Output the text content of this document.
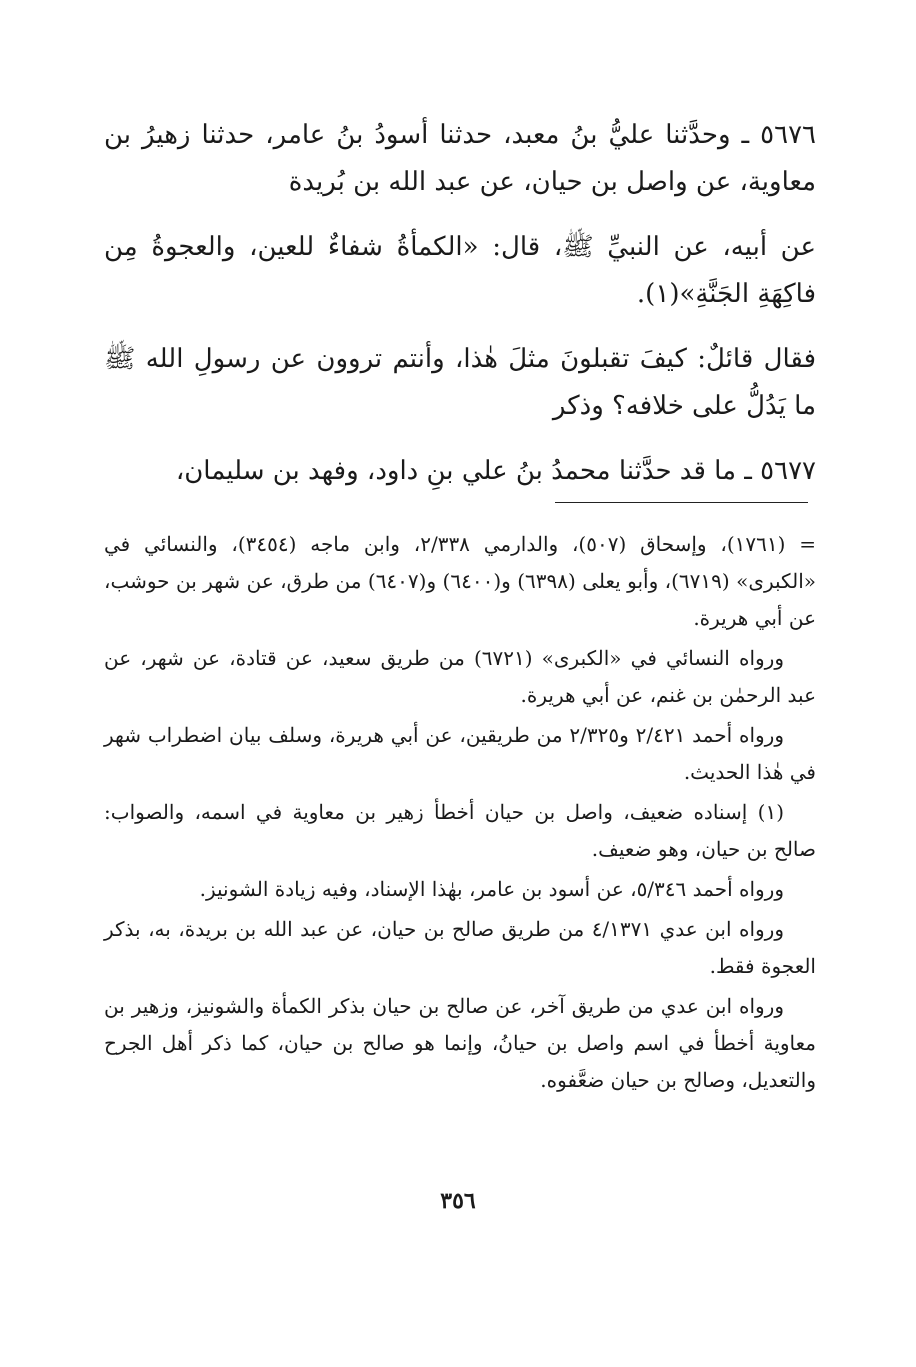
٥٦٧٦ ـ وحدَّثنا عليُّ بنُ معبد، حدثنا أسودُ بنُ عامر، حدثنا زهيرُ بن معاوية، عن واصل بن حيان، عن عبد الله بن بُريدة

عن أبيه، عن النبيِّ ﷺ، قال: «الكمأةُ شفاءٌ للعين، والعجوةُ مِن فاكِهَةِ الجَنَّةِ»(١).

فقال قائلٌ: كيفَ تقبلونَ مثلَ هٰذا، وأنتم تروون عن رسولِ الله ﷺ ما يَدُلُّ على خلافه؟ وذكر

٥٦٧٧ ـ ما قد حدَّثنا محمدُ بنُ علي بنِ داود، وفهد بن سليمان،

= (١٧٦١)، وإسحاق (٥٠٧)، والدارمي ٢/٣٣٨، وابن ماجه (٣٤٥٤)، والنسائي في «الكبرى» (٦٧١٩)، وأبو يعلى (٦٣٩٨) و(٦٤٠٠) و(٦٤٠٧) من طرق، عن شهر بن حوشب، عن أبي هريرة.

ورواه النسائي في «الكبرى» (٦٧٢١) من طريق سعيد، عن قتادة، عن شهر، عن عبد الرحمٰن بن غنم، عن أبي هريرة.

ورواه أحمد ٢/٤٢١ و٢/٣٢٥ من طريقين، عن أبي هريرة، وسلف بيان اضطراب شهر في هٰذا الحديث.

(١) إسناده ضعيف، واصل بن حيان أخطأ زهير بن معاوية في اسمه، والصواب: صالح بن حيان، وهو ضعيف.

ورواه أحمد ٥/٣٤٦، عن أسود بن عامر، بهٰذا الإسناد، وفيه زيادة الشونيز.

ورواه ابن عدي ٤/١٣٧١ من طريق صالح بن حيان، عن عبد الله بن بريدة، به، بذكر العجوة فقط.

ورواه ابن عدي من طريق آخر، عن صالح بن حيان بذكر الكمأة والشونيز، وزهير بن معاوية أخطأ في اسم واصل بن حيانُ، وإنما هو صالح بن حيان، كما ذكر أهل الجرح والتعديل، وصالح بن حيان ضعَّفوه.

٣٥٦
